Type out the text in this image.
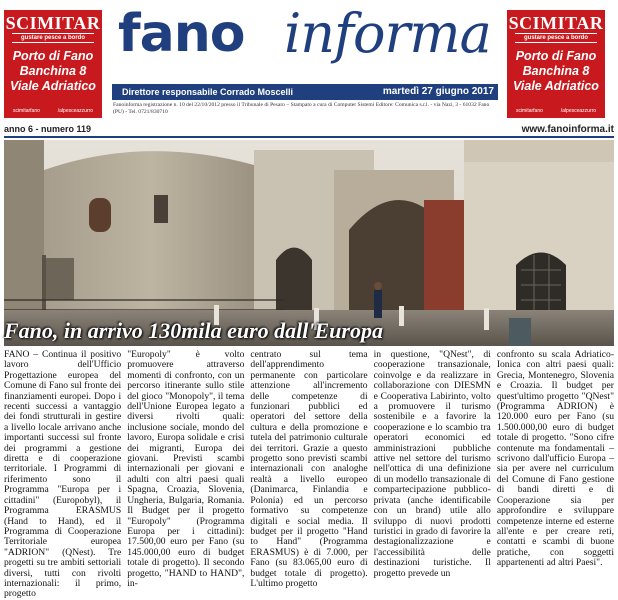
SCIMITAR
gustare pesce a bordo
Porto di Fano
Banchina 8
Viale Adriatico
scimitarfano	/alpesceazzurro
SCIMITAR
gustare pesce a bordo
Porto di Fano
Banchina 8
Viale Adriatico
scimitarfano	/alpesceazzurro
fano informa
Direttore responsabile Corrado Moscelli	martedì 27 giugno 2017
Fanoinforma registrazione n. 10 del 22/10/2012 presso il Tribunale di Pesaro – Stampato a cura di Computer Sistemi Editore: Comunica s.r.l. - via Nazi, 3 - 61032 Fano (PU) - Tel. 0721/830710
anno 6 - numero 119	www.fanoinforma.it
Fano, in arrivo 130mila euro dall'Europa
FANO – Continua il positivo lavoro dell'Ufficio Progettazione europea del Comune di Fano sul fronte dei finanziamenti europei. Dopo i recenti successi a vantaggio dei fondi strutturali in gestire a livello locale arrivano anche importanti successi sul fronte dei programmi a gestione diretta e di cooperazione territoriale. I Programmi di riferimento sono il Programma "Europa per i cittadini" (Europobyl), il Programma ERASMUS (Hand to Hand), ed il Programma di Cooperazione Territoriale europea "ADRION" (QNest). Tre progetti su tre ambiti settoriali diversi, tutti con rivolti internazionali: il primo, progetto
"Europoly" è volto promuovere attraverso momenti di confronto, con un percorso itinerante sullo stile del gioco "Monopoly", il tema dell'Unione Europea legato a diversi rivolti quali: inclusione sociale, mondo del lavoro, Europa solidale e crisi dei migranti, Europa dei giovani. Previsti scambi internazionali per giovani e adulti con altri paesi quali Spagna, Croazia, Slovenia, Ungheria, Bulgaria, Romania. Il Budget per il progetto "Europoly" (Programma Europa per i cittadini): 17.500,00 euro per Fano (su 145.000,00 euro di budget totale di progetto). Il secondo progetto, "HAND to HAND", in-
centrato sul tema dell'apprendimento permanente con particolare attenzione all'incremento delle competenze di funzionari pubblici ed operatori del settore della cultura e della promozione e tutela del patrimonio culturale dei territori. Grazie a questo progetto sono previsti scambi internazionali con analoghe realtà a livello europeo (Danimarca, Finlandia e Polonia) ed un percorso formativo su competenze digitali e social media. Il budget per il progetto "Hand to Hand" (Programma ERASMUS) è di 7.000, per Fano (su 83.065,00 euro di budget totale di progetto). L'ultimo progetto
in questione, "QNest", di cooperazione transazionale, coinvolge e da realizzare in collaborazione con DIESMN e Cooperativa Labirinto, volto a promuovere il turismo sostenibile e a favorire la cooperazione e lo scambio tra operatori economici ed amministrazioni pubbliche attive nel settore del turismo nell'ottica di una definizione di un modello transazionale di compartecipazione pubblico-privata (anche identificabile con un brand) utile allo sviluppo di nuovi prodotti turistici in grado di favorire la destagionalizzazione e l'accessibilità delle destinazioni turistiche. Il progetto prevede un
confronto su scala Adriatico-Ionica con altri paesi quali: Grecia, Montenegro, Slovenia e Croazia. Il budget per quest'ultimo progetto "QNest" (Programma ADRION) è 120.000 euro per Fano (su 1.500.000,00 euro di budget totale di progetto. "Sono cifre contenute ma fondamentali – scrivono dall'ufficio Europa – sia per avere nel curriculum del Comune di Fano gestione di bandi diretti e di Cooperazione sia per approfondire e sviluppare competenze interne ed esterne all'ente e per creare reti, contatti e scambi di buone pratiche, con soggetti appartenenti ad altri Paesi".
